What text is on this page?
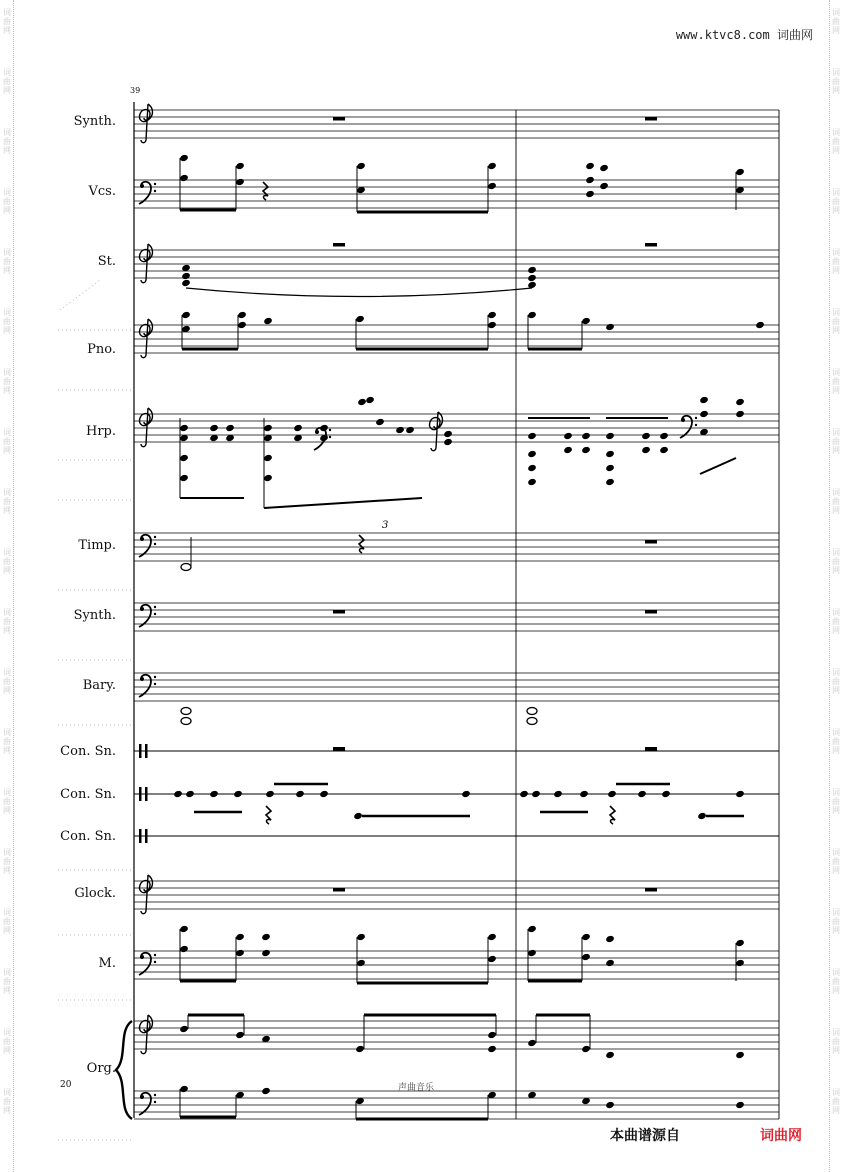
词
曲
网
词
曲
网
词
曲
网
词
曲
网
词
曲
网
词
曲
网
词
曲
网
词
曲
网
词
曲
网
词
曲
网
词
曲
网
词
曲
网
词
曲
网
词
曲
网
词
曲
网
词
曲
网
词
曲
网
词
曲
网
词
曲
网
词
曲
网
词
曲
网
词
曲
网
词
曲
网
词
曲
网
词
曲
网
词
曲
网
词
曲
网
词
曲
网
词
曲
网
词
曲
网
词
曲
网
词
曲
网
词
曲
网
词
曲
网
词
曲
网
词
曲
网
词
曲
网
词
曲
网
www.ktvc8.com 词曲网
39
Synth.
Vcs.
St.
Pno.
Hrp.
Timp.
Synth.
Bary.
Con. Sn.
Con. Sn.
Con. Sn.
Glock.
M.
Org.
3
20	声曲音乐
本曲谱源自	词曲网
